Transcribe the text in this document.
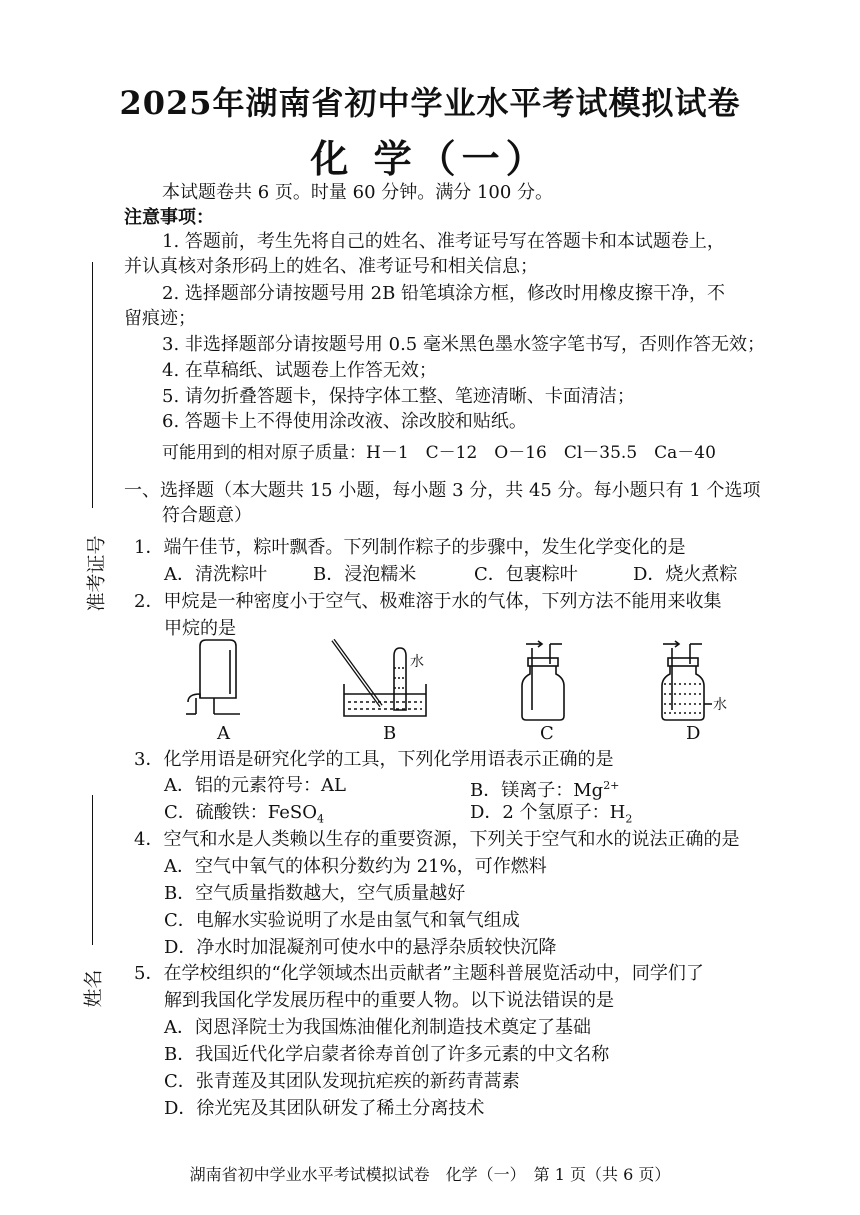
2025年湖南省初中学业水平考试模拟试卷
化 学（一）
本试题卷共 6 页。时量 60 分钟。满分 100 分。
注意事项：
1. 答题前，考生先将自己的姓名、准考证号写在答题卡和本试题卷上，
并认真核对条形码上的姓名、准考证号和相关信息；
2. 选择题部分请按题号用 2B 铅笔填涂方框，修改时用橡皮擦干净，不
留痕迹；
3. 非选择题部分请按题号用 0.5 毫米黑色墨水签字笔书写，否则作答无效；
4. 在草稿纸、试题卷上作答无效；
5. 请勿折叠答题卡，保持字体工整、笔迹清晰、卡面清洁；
6. 答题卡上不得使用涂改液、涂改胶和贴纸。
可能用到的相对原子质量：H－1　C－12　O－16　Cl－35.5　Ca－40
一、选择题（本大题共 15 小题，每小题 3 分，共 45 分。每小题只有 1 个选项
符合题意）
1．端午佳节，粽叶飘香。下列制作粽子的步骤中，发生化学变化的是
A．清洗粽叶	B．浸泡糯米	C．包裹粽叶	D．烧火煮粽
2．甲烷是一种密度小于空气、极难溶于水的气体，下列方法不能用来收集
甲烷的是
水
水
A	B	C	D
3．化学用语是研究化学的工具，下列化学用语表示正确的是
A．铝的元素符号：AL	B．镁离子：$Mg^{2+}$
C．硫酸铁：FeSO$_4$	D．2 个氢原子：$H_2$
4．空气和水是人类赖以生存的重要资源，下列关于空气和水的说法正确的是
A．空气中氧气的体积分数约为 21%，可作燃料
B．空气质量指数越大，空气质量越好
C．电解水实验说明了水是由氢气和氧气组成
D．净水时加混凝剂可使水中的悬浮杂质较快沉降
5．在学校组织的“化学领域杰出贡献者”主题科普展览活动中，同学们了
解到我国化学发展历程中的重要人物。以下说法错误的是
A．闵恩泽院士为我国炼油催化剂制造技术奠定了基础
B．我国近代化学启蒙者徐寿首创了许多元素的中文名称
C．张青莲及其团队发现抗疟疾的新药青蒿素
D．徐光宪及其团队研发了稀土分离技术
准考证号
姓名
湖南省初中学业水平考试模拟试卷　化学（一）　第 1 页（共 6 页）
